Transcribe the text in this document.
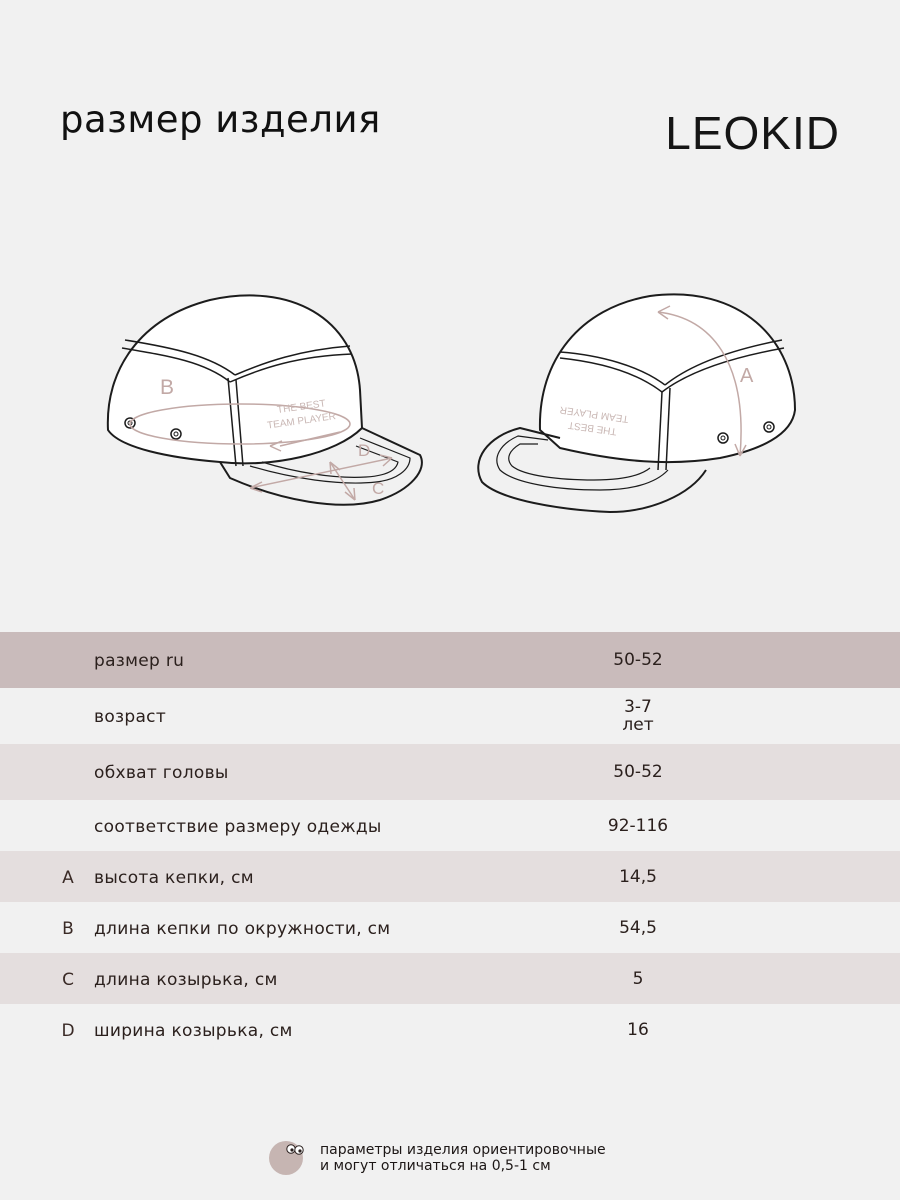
размер изделия	LEOKID
B
D
C
THE BEST
TEAM PLAYER
A
THE BEST
TEAM PLAYER
размер ru	50-52
возраст	3-7
лет
обхват головы	50-52
соответствие размеру одежды	92-116
A высота кепки, см	14,5
B длина кепки по окружности, см	54,5
C длина козырька, см	5
D ширина козырька, см	16
параметры изделия ориентировочные
и могут отличаться на 0,5-1 см
